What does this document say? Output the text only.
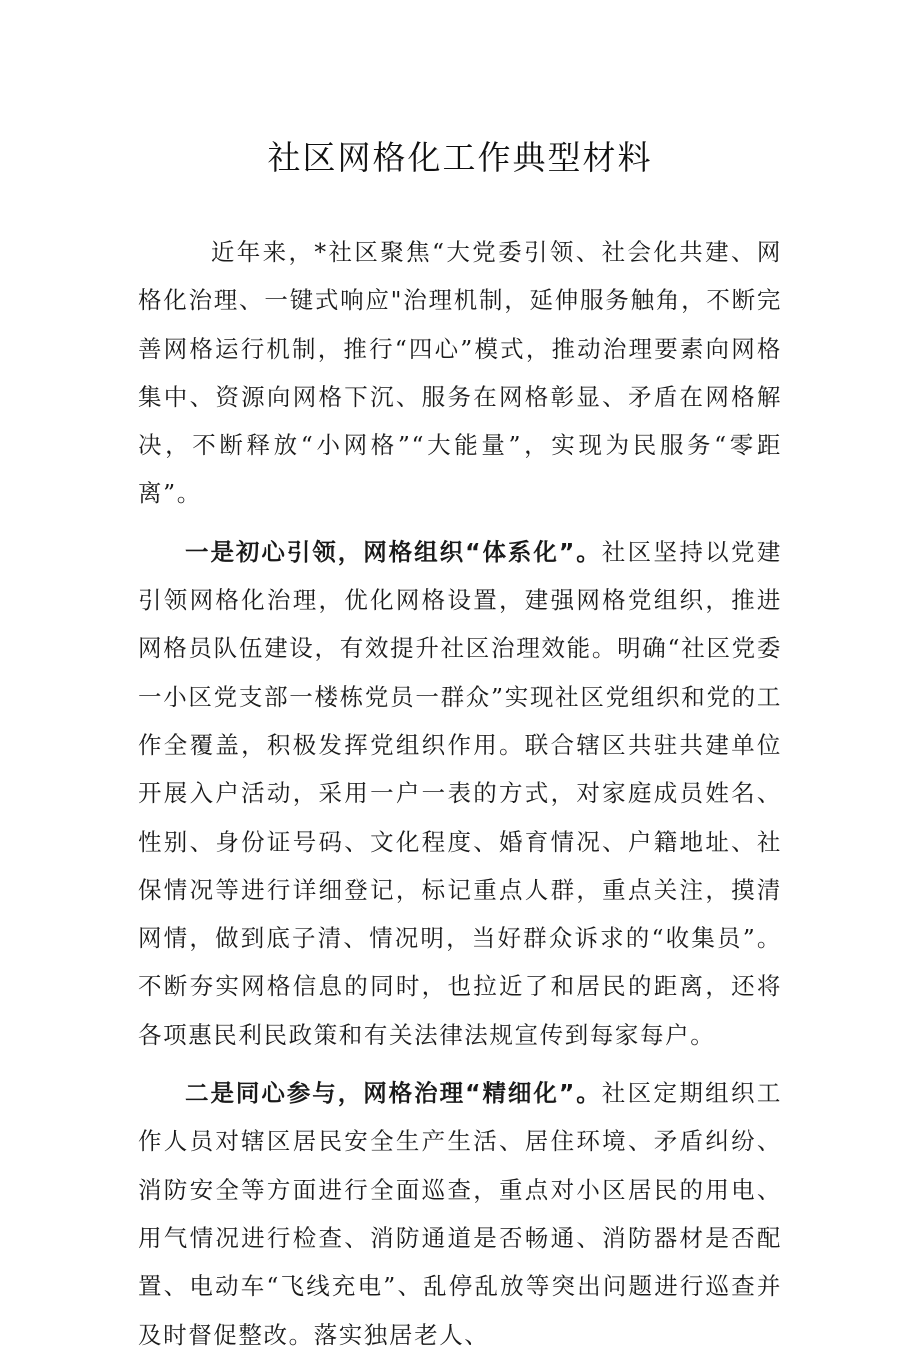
社区网格化工作典型材料

近年来，*社区聚焦“大党委引领、社会化共建、网格化治理、一键式响应"治理机制，延伸服务触角，不断完善网格运行机制，推行“四心”模式，推动治理要素向网格集中、资源向网格下沉、服务在网格彰显、矛盾在网格解决，不断释放“小网格”“大能量”，实现为民服务“零距离”。

一是初心引领，网格组织“体系化”。社区坚持以党建引领网格化治理，优化网格设置，建强网格党组织，推进网格员队伍建设，有效提升社区治理效能。明确“社区党委一小区党支部一楼栋党员一群众”实现社区党组织和党的工作全覆盖，积极发挥党组织作用。联合辖区共驻共建单位开展入户活动，采用一户一表的方式，对家庭成员姓名、性别、身份证号码、文化程度、婚育情况、户籍地址、社保情况等进行详细登记，标记重点人群，重点关注，摸清网情，做到底子清、情况明，当好群众诉求的“收集员”。不断夯实网格信息的同时，也拉近了和居民的距离，还将各项惠民利民政策和有关法律法规宣传到每家每户。

二是同心参与，网格治理“精细化”。社区定期组织工作人员对辖区居民安全生产生活、居住环境、矛盾纠纷、消防安全等方面进行全面巡查，重点对小区居民的用电、用气情况进行检查、消防通道是否畅通、消防器材是否配置、电动车“飞线充电”、乱停乱放等突出问题进行巡查并及时督促整改。落实独居老人、
